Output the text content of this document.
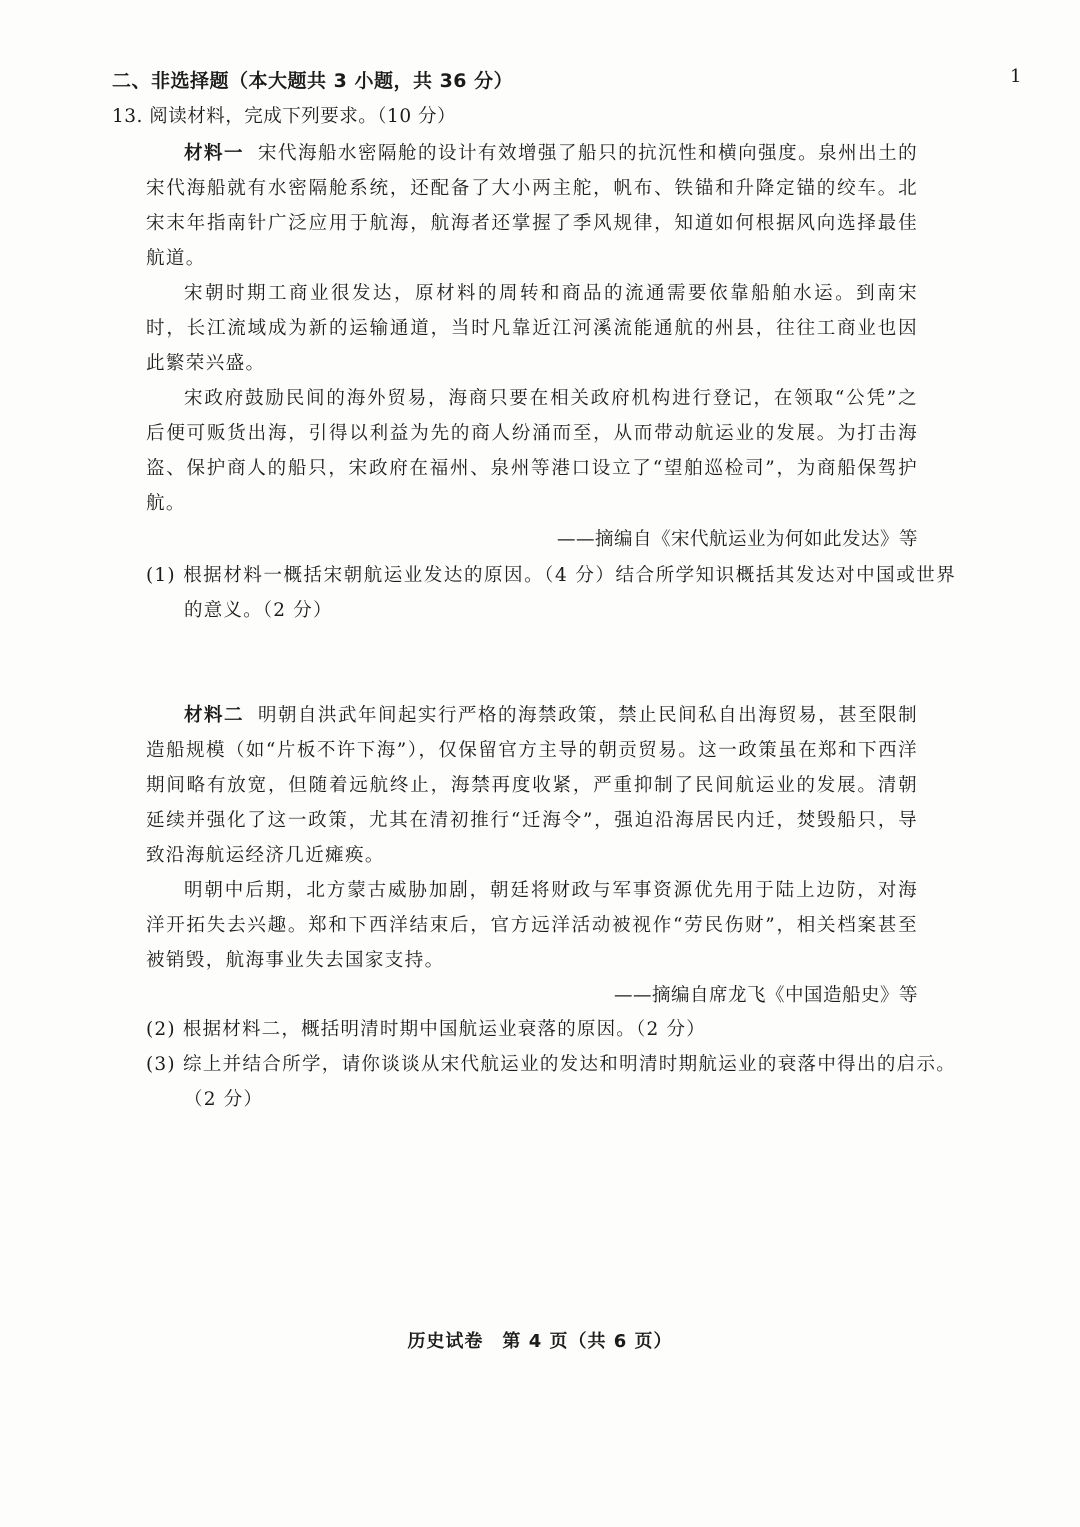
1
二、非选择题（本大题共 3 小题，共 36 分）
13. 阅读材料，完成下列要求。（10 分）
材料一 宋代海船水密隔舱的设计有效增强了船只的抗沉性和横向强度。泉州出土的宋代海船就有水密隔舱系统，还配备了大小两主舵，帆布、铁锚和升降定锚的绞车。北宋末年指南针广泛应用于航海，航海者还掌握了季风规律，知道如何根据风向选择最佳航道。
宋朝时期工商业很发达，原材料的周转和商品的流通需要依靠船舶水运。到南宋时，长江流域成为新的运输通道，当时凡靠近江河溪流能通航的州县，往往工商业也因此繁荣兴盛。
宋政府鼓励民间的海外贸易，海商只要在相关政府机构进行登记，在领取“公凭”之后便可贩货出海，引得以利益为先的商人纷涌而至，从而带动航运业的发展。为打击海盗、保护商人的船只，宋政府在福州、泉州等港口设立了“望舶巡检司”，为商船保驾护航。
——摘编自《宋代航运业为何如此发达》等
(1) 根据材料一概括宋朝航运业发达的原因。（4 分）结合所学知识概括其发达对中国或世界的意义。（2 分）
材料二 明朝自洪武年间起实行严格的海禁政策，禁止民间私自出海贸易，甚至限制造船规模（如“片板不许下海”），仅保留官方主导的朝贡贸易。这一政策虽在郑和下西洋期间略有放宽，但随着远航终止，海禁再度收紧，严重抑制了民间航运业的发展。清朝延续并强化了这一政策，尤其在清初推行“迁海令”，强迫沿海居民内迁，焚毁船只，导致沿海航运经济几近瘫痪。
明朝中后期，北方蒙古威胁加剧，朝廷将财政与军事资源优先用于陆上边防，对海洋开拓失去兴趣。郑和下西洋结束后，官方远洋活动被视作“劳民伤财”，相关档案甚至被销毁，航海事业失去国家支持。
——摘编自席龙飞《中国造船史》等
(2) 根据材料二，概括明清时期中国航运业衰落的原因。（2 分）
(3) 综上并结合所学，请你谈谈从宋代航运业的发达和明清时期航运业的衰落中得出的启示。（2 分）
历史试卷　第 4 页（共 6 页）
